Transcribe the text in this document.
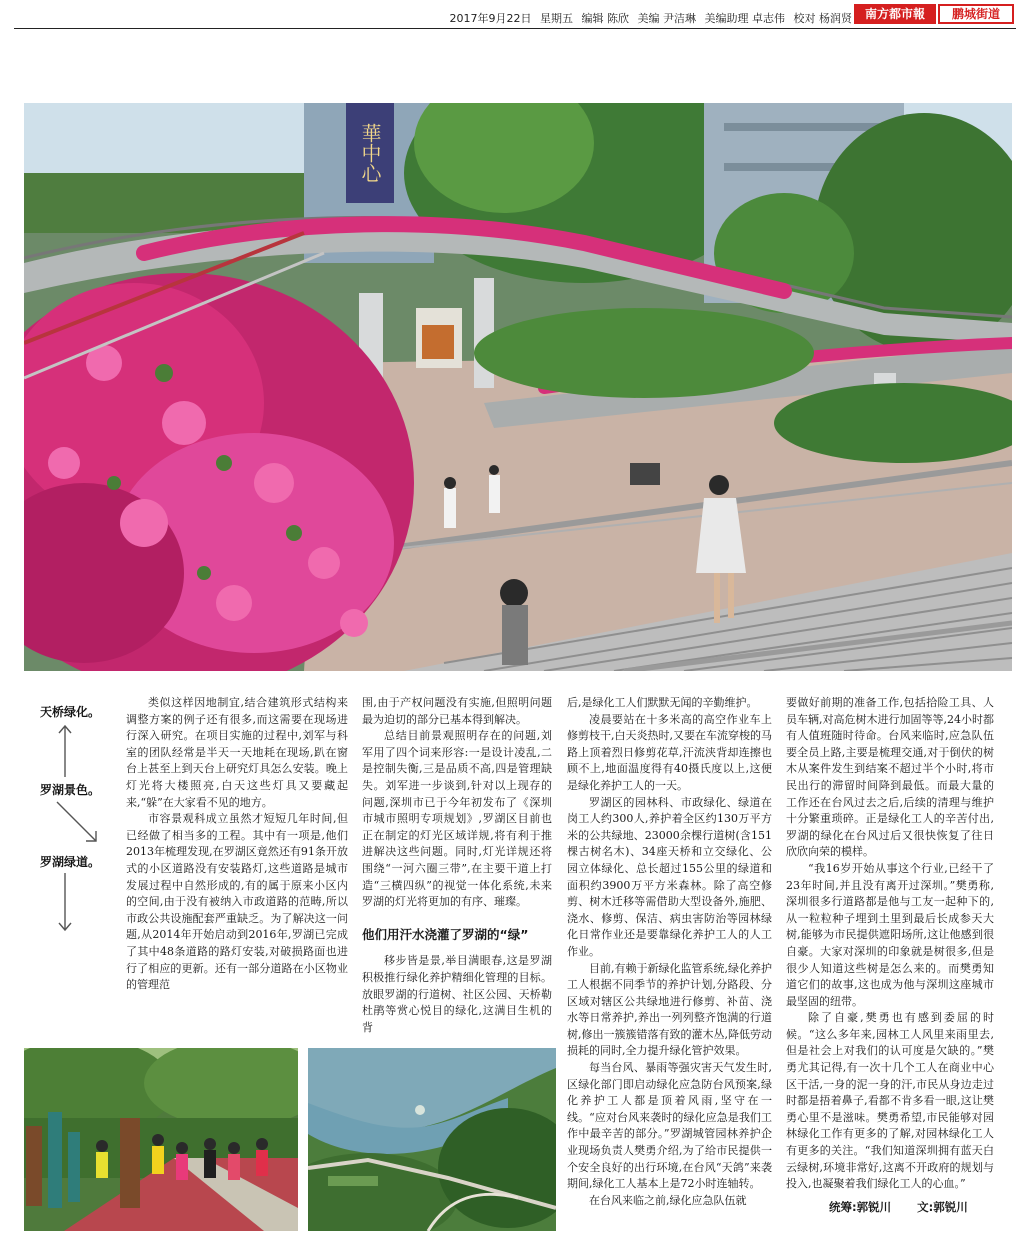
2017年9月22日 星期五 编辑 陈欣 美编 尹洁琳 美编助理 卓志伟 校对 杨润贤	南方都市報	鹏城街道
華中心
天桥绿化。
罗湖景色。
罗湖绿道。

类似这样因地制宜,结合建筑形式结构来调整方案的例子还有很多,而这需要在现场进行深入研究。在项目实施的过程中,刘军与科室的团队经常是半天一天地耗在现场,趴在窗台上甚至上到天台上研究灯具怎么安装。晚上灯光将大楼照亮,白天这些灯具又要藏起来,“躲”在大家看不见的地方。

市容景观科成立虽然才短短几年时间,但已经做了相当多的工程。其中有一项是,他们2013年梳理发现,在罗湖区竟然还有91条开放式的小区道路没有安装路灯,这些道路是城市发展过程中自然形成的,有的属于原来小区内的空间,由于没有被纳入市政道路的范畴,所以市政公共设施配套严重缺乏。为了解决这一问题,从2014年开始启动到2016年,罗湖已完成了其中48条道路的路灯安装,对破损路面也进行了相应的更新。还有一部分道路在小区物业的管理范

围,由于产权问题没有实施,但照明问题最为迫切的部分已基本得到解决。

总结目前景观照明存在的问题,刘军用了四个词来形容:一是设计凌乱,二是控制失衡,三是品质不高,四是管理缺失。刘军进一步谈到,针对以上现存的问题,深圳市已于今年初发布了《深圳市城市照明专项规划》,罗湖区目前也正在制定的灯光区域详规,将有利于推进解决这些问题。同时,灯光详规还将围绕“一河六圈三带”,在主要干道上打造“三横四纵”的视觉一体化系统,未来罗湖的灯光将更加的有序、璀璨。

他们用汗水浇灌了罗湖的“绿”

移步皆是景,举目满眼春,这是罗湖积极推行绿化养护精细化管理的目标。放眼罗湖的行道树、社区公园、天桥勒杜鹃等赏心悦目的绿化,这满目生机的背

后,是绿化工人们默默无闻的辛勤维护。

凌晨要站在十多米高的高空作业车上修剪枝干,白天炎热时,又要在车流穿梭的马路上顶着烈日修剪花草,汗流浃背却连擦也顾不上,地面温度得有40摄氏度以上,这便是绿化养护工人的一天。

罗湖区的园林科、市政绿化、绿道在岗工人约300人,养护着全区约130万平方米的公共绿地、23000余棵行道树(含151棵古树名木)、34座天桥和立交绿化、公园立体绿化、总长超过155公里的绿道和面积约3900万平方米森林。除了高空修剪、树木迁移等需借助大型设备外,施肥、浇水、修剪、保洁、病虫害防治等园林绿化日常作业还是要靠绿化养护工人的人工作业。

目前,有赖于新绿化监管系统,绿化养护工人根据不同季节的养护计划,分路段、分区域对辖区公共绿地进行修剪、补苗、浇水等日常养护,养出一列列整齐饱满的行道树,修出一簇簇错落有致的灌木丛,降低劳动损耗的同时,全力提升绿化管护效果。

每当台风、暴雨等强灾害天气发生时,区绿化部门即启动绿化应急防台风预案,绿化养护工人都是顶着风雨,坚守在一线。“应对台风来袭时的绿化应急是我们工作中最辛苦的部分。”罗湖城管园林养护企业现场负责人樊勇介绍,为了给市民提供一个安全良好的出行环境,在台风“天鸽”来袭期间,绿化工人基本上是72小时连轴转。

在台风来临之前,绿化应急队伍就

要做好前期的准备工作,包括拾险工具、人员车辆,对高危树木进行加固等等,24小时都有人值班随时待命。台风来临时,应急队伍要全员上路,主要是梳理交通,对于倒伏的树木从案件发生到结案不超过半个小时,将市民出行的滞留时间降到最低。而最大量的工作还在台风过去之后,后续的清理与维护十分繁重琐碎。正是绿化工人的辛苦付出,罗湖的绿化在台风过后又很快恢复了往日欣欣向荣的模样。

“我16岁开始从事这个行业,已经干了23年时间,并且没有离开过深圳。”樊勇称,深圳很多行道路都是他与工友一起种下的,从一粒粒种子埋到土里到最后长成参天大树,能够为市民提供遮阳场所,这让他感到很自豪。大家对深圳的印象就是树很多,但是很少人知道这些树是怎么来的。而樊勇知道它们的故事,这也成为他与深圳这座城市最坚固的纽带。

除了自豪,樊勇也有感到委屈的时候。“这么多年来,园林工人风里来雨里去,但是社会上对我们的认可度是欠缺的。”樊勇尤其记得,有一次十几个工人在商业中心区干活,一身的泥一身的汗,市民从身边走过时都是捂着鼻子,看都不肯多看一眼,这让樊勇心里不是滋味。樊勇希望,市民能够对园林绿化工作有更多的了解,对园林绿化工人有更多的关注。“我们知道深圳拥有蓝天白云绿树,环境非常好,这离不开政府的规划与投入,也凝聚着我们绿化工人的心血。”

统筹:郭锐川 文:郭锐川
